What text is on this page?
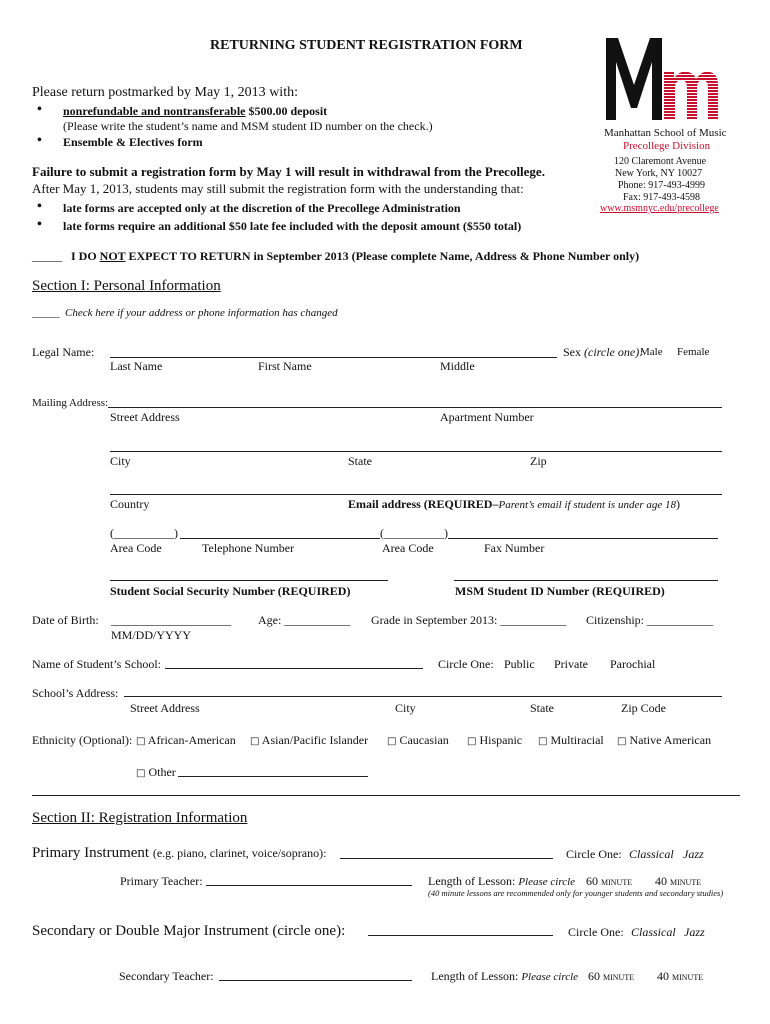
RETURNING STUDENT REGISTRATION FORM
Manhattan School of Music
Precollege Division
120 Claremont Avenue
New York, NY 10027
Phone: 917-493-4999
Fax: 917-493-4598
www.msmnyc.edu/precollege
Please return postmarked by May 1, 2013 with:
• nonrefundable and nontransferable $500.00 deposit
(Please write the student’s name and MSM student ID number on the check.)
• Ensemble & Electives form
Failure to submit a registration form by May 1 will result in withdrawal from the Precollege.
After May 1, 2013, students may still submit the registration form with the understanding that:
• late forms are accepted only at the discretion of the Precollege Administration
• late forms require an additional $50 late fee included with the deposit amount ($550 total)
_____ I DO NOT EXPECT TO RETURN in September 2013 (Please complete Name, Address & Phone Number only)
Section I: Personal Information
_____ Check here if your address or phone information has changed
Legal Name:	Sex (circle one):
Male Female
Last Name	First Name	Middle
Mailing Address:
Street Address	Apartment Number
City	State	Zip
Country	Email address (REQUIRED–Parent’s email if student is under age 18)
(__________)	(__________)
Area Code	Telephone Number	Area Code	Fax Number
Student Social Security Number (REQUIRED)	MSM Student ID Number (REQUIRED)
Date of Birth: ____________________
MM/DD/YYYY
Age: ___________ Grade in September 2013: ___________ Citizenship: ___________
Name of Student’s School:	Circle One: Public Private Parochial
School’s Address:
Street Address	City	State	Zip Code
Ethnicity (Optional): □ African-American □ Asian/Pacific Islander □ Caucasian □ Hispanic □ Multiracial □ Native American
□ Other
Section II: Registration Information
Primary Instrument (e.g. piano, clarinet, voice/soprano):	Circle One: Classical Jazz
Primary Teacher:	Length of Lesson: Please circle 60 minute 40 minute
(40 minute lessons are recommended only for younger students and secondary studies)
Secondary or Double Major Instrument (circle one):	Circle One: Classical Jazz
Secondary Teacher:	Length of Lesson: Please circle 60 minute 40 minute
